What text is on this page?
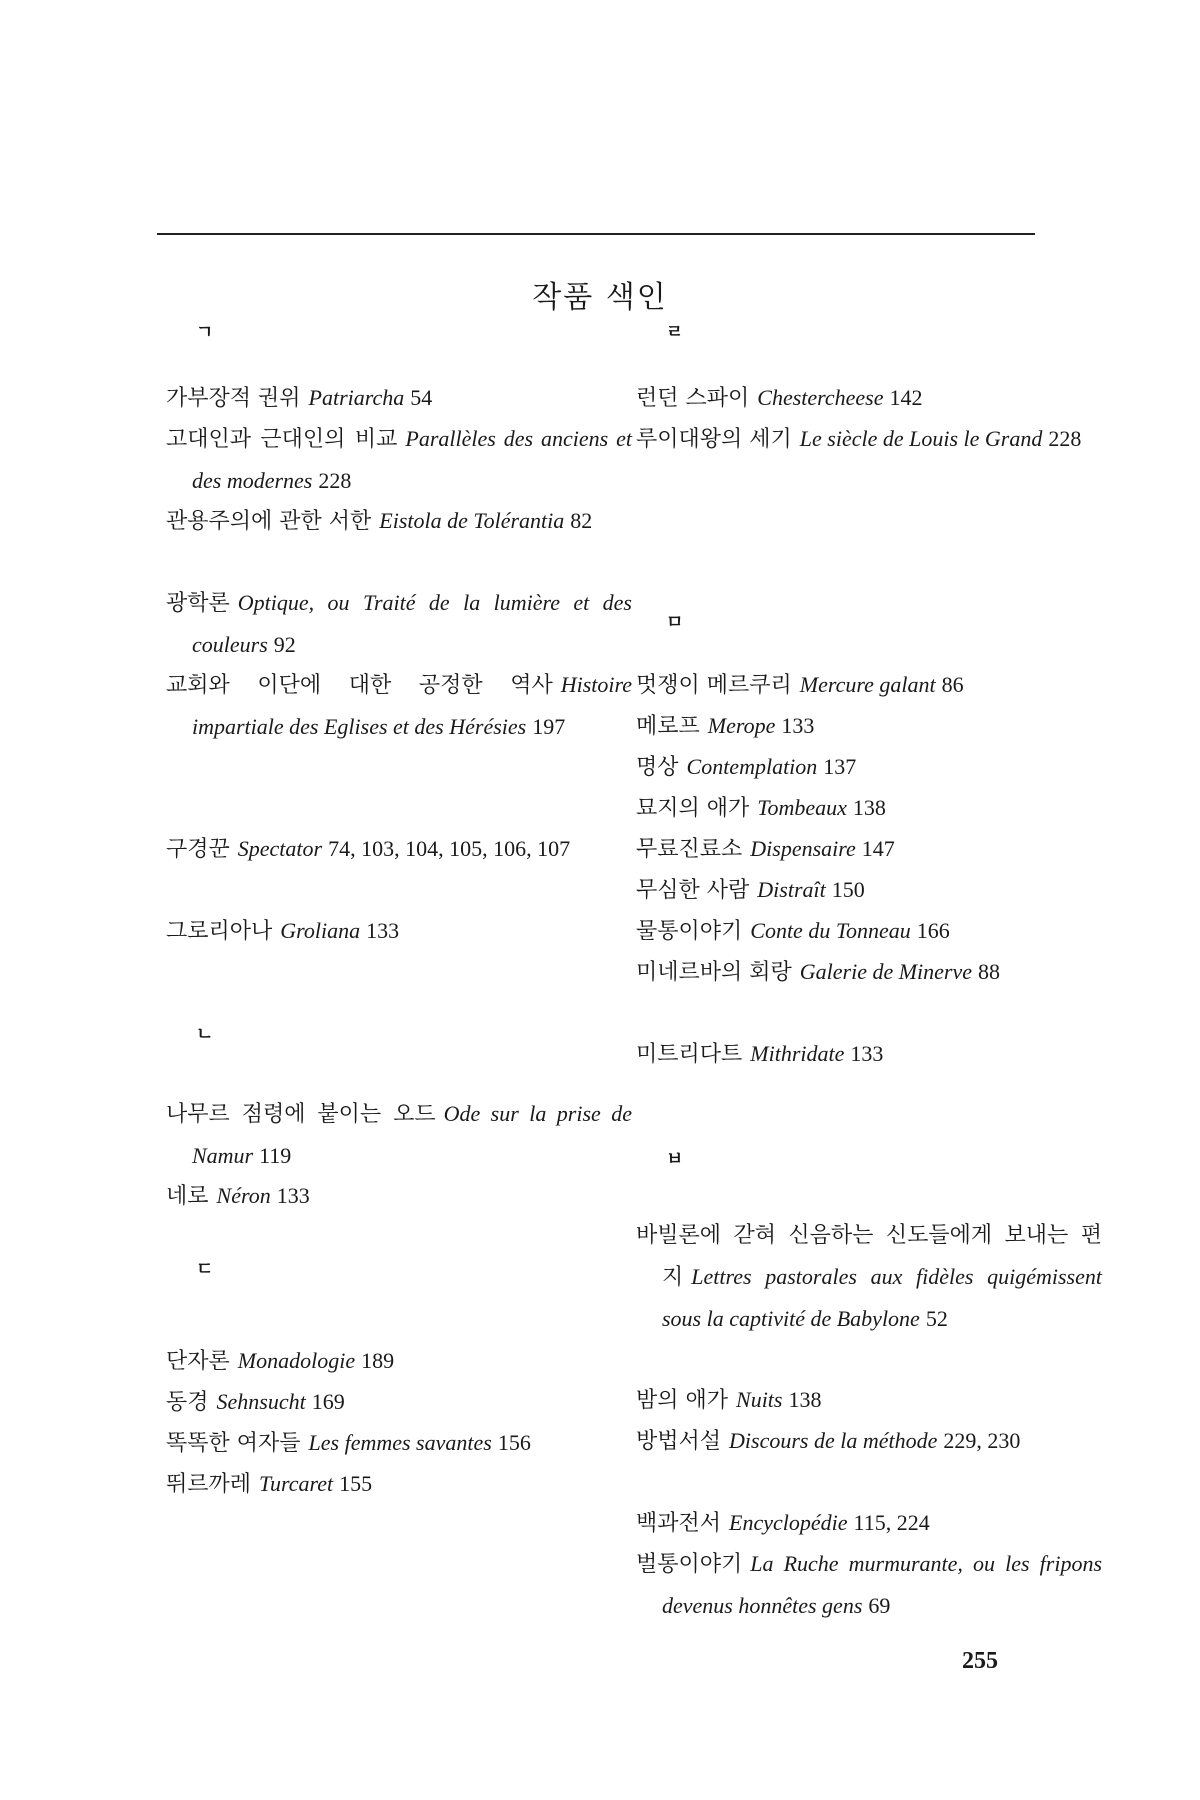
작품 색인
ㄱ
가부장적 권위 Patriarcha 54
고대인과 근대인의 비교 Parallèles des anciens et des modernes 228
관용주의에 관한 서한 Eistola de Tolérantia 82
광학론 Optique, ou Traité de la lumière et des couleurs 92
교회와 이단에 대한 공정한 역사 Histoire impartiale des Eglises et des Hérésies 197
구경꾼 Spectator 74, 103, 104, 105, 106, 107
그로리아나 Groliana 133
ㄴ
나무르 점령에 붙이는 오드 Ode sur la prise de Namur 119
네로 Néron 133
ㄷ
단자론 Monadologie 189
동경 Sehnsucht 169
똑똑한 여자들 Les femmes savantes 156
뛰르까레 Turcaret 155
ㄹ
런던 스파이 Chestercheese 142
루이대왕의 세기 Le siècle de Louis le Grand 228
ㅁ
멋쟁이 메르쿠리 Mercure galant 86
메로프 Merope 133
명상 Contemplation 137
묘지의 애가 Tombeaux 138
무료진료소 Dispensaire 147
무심한 사람 Distraît 150
물통이야기 Conte du Tonneau 166
미네르바의 회랑 Galerie de Minerve 88
미트리다트 Mithridate 133
ㅂ
바빌론에 갇혀 신음하는 신도들에게 보내는 편지 Lettres pastorales aux fidèles quigémissent sous la captivité de Babylone 52
밤의 애가 Nuits 138
방법서설 Discours de la méthode 229, 230
백과전서 Encyclopédie 115, 224
벌통이야기 La Ruche murmurante, ou les fripons devenus honnêtes gens 69
255
